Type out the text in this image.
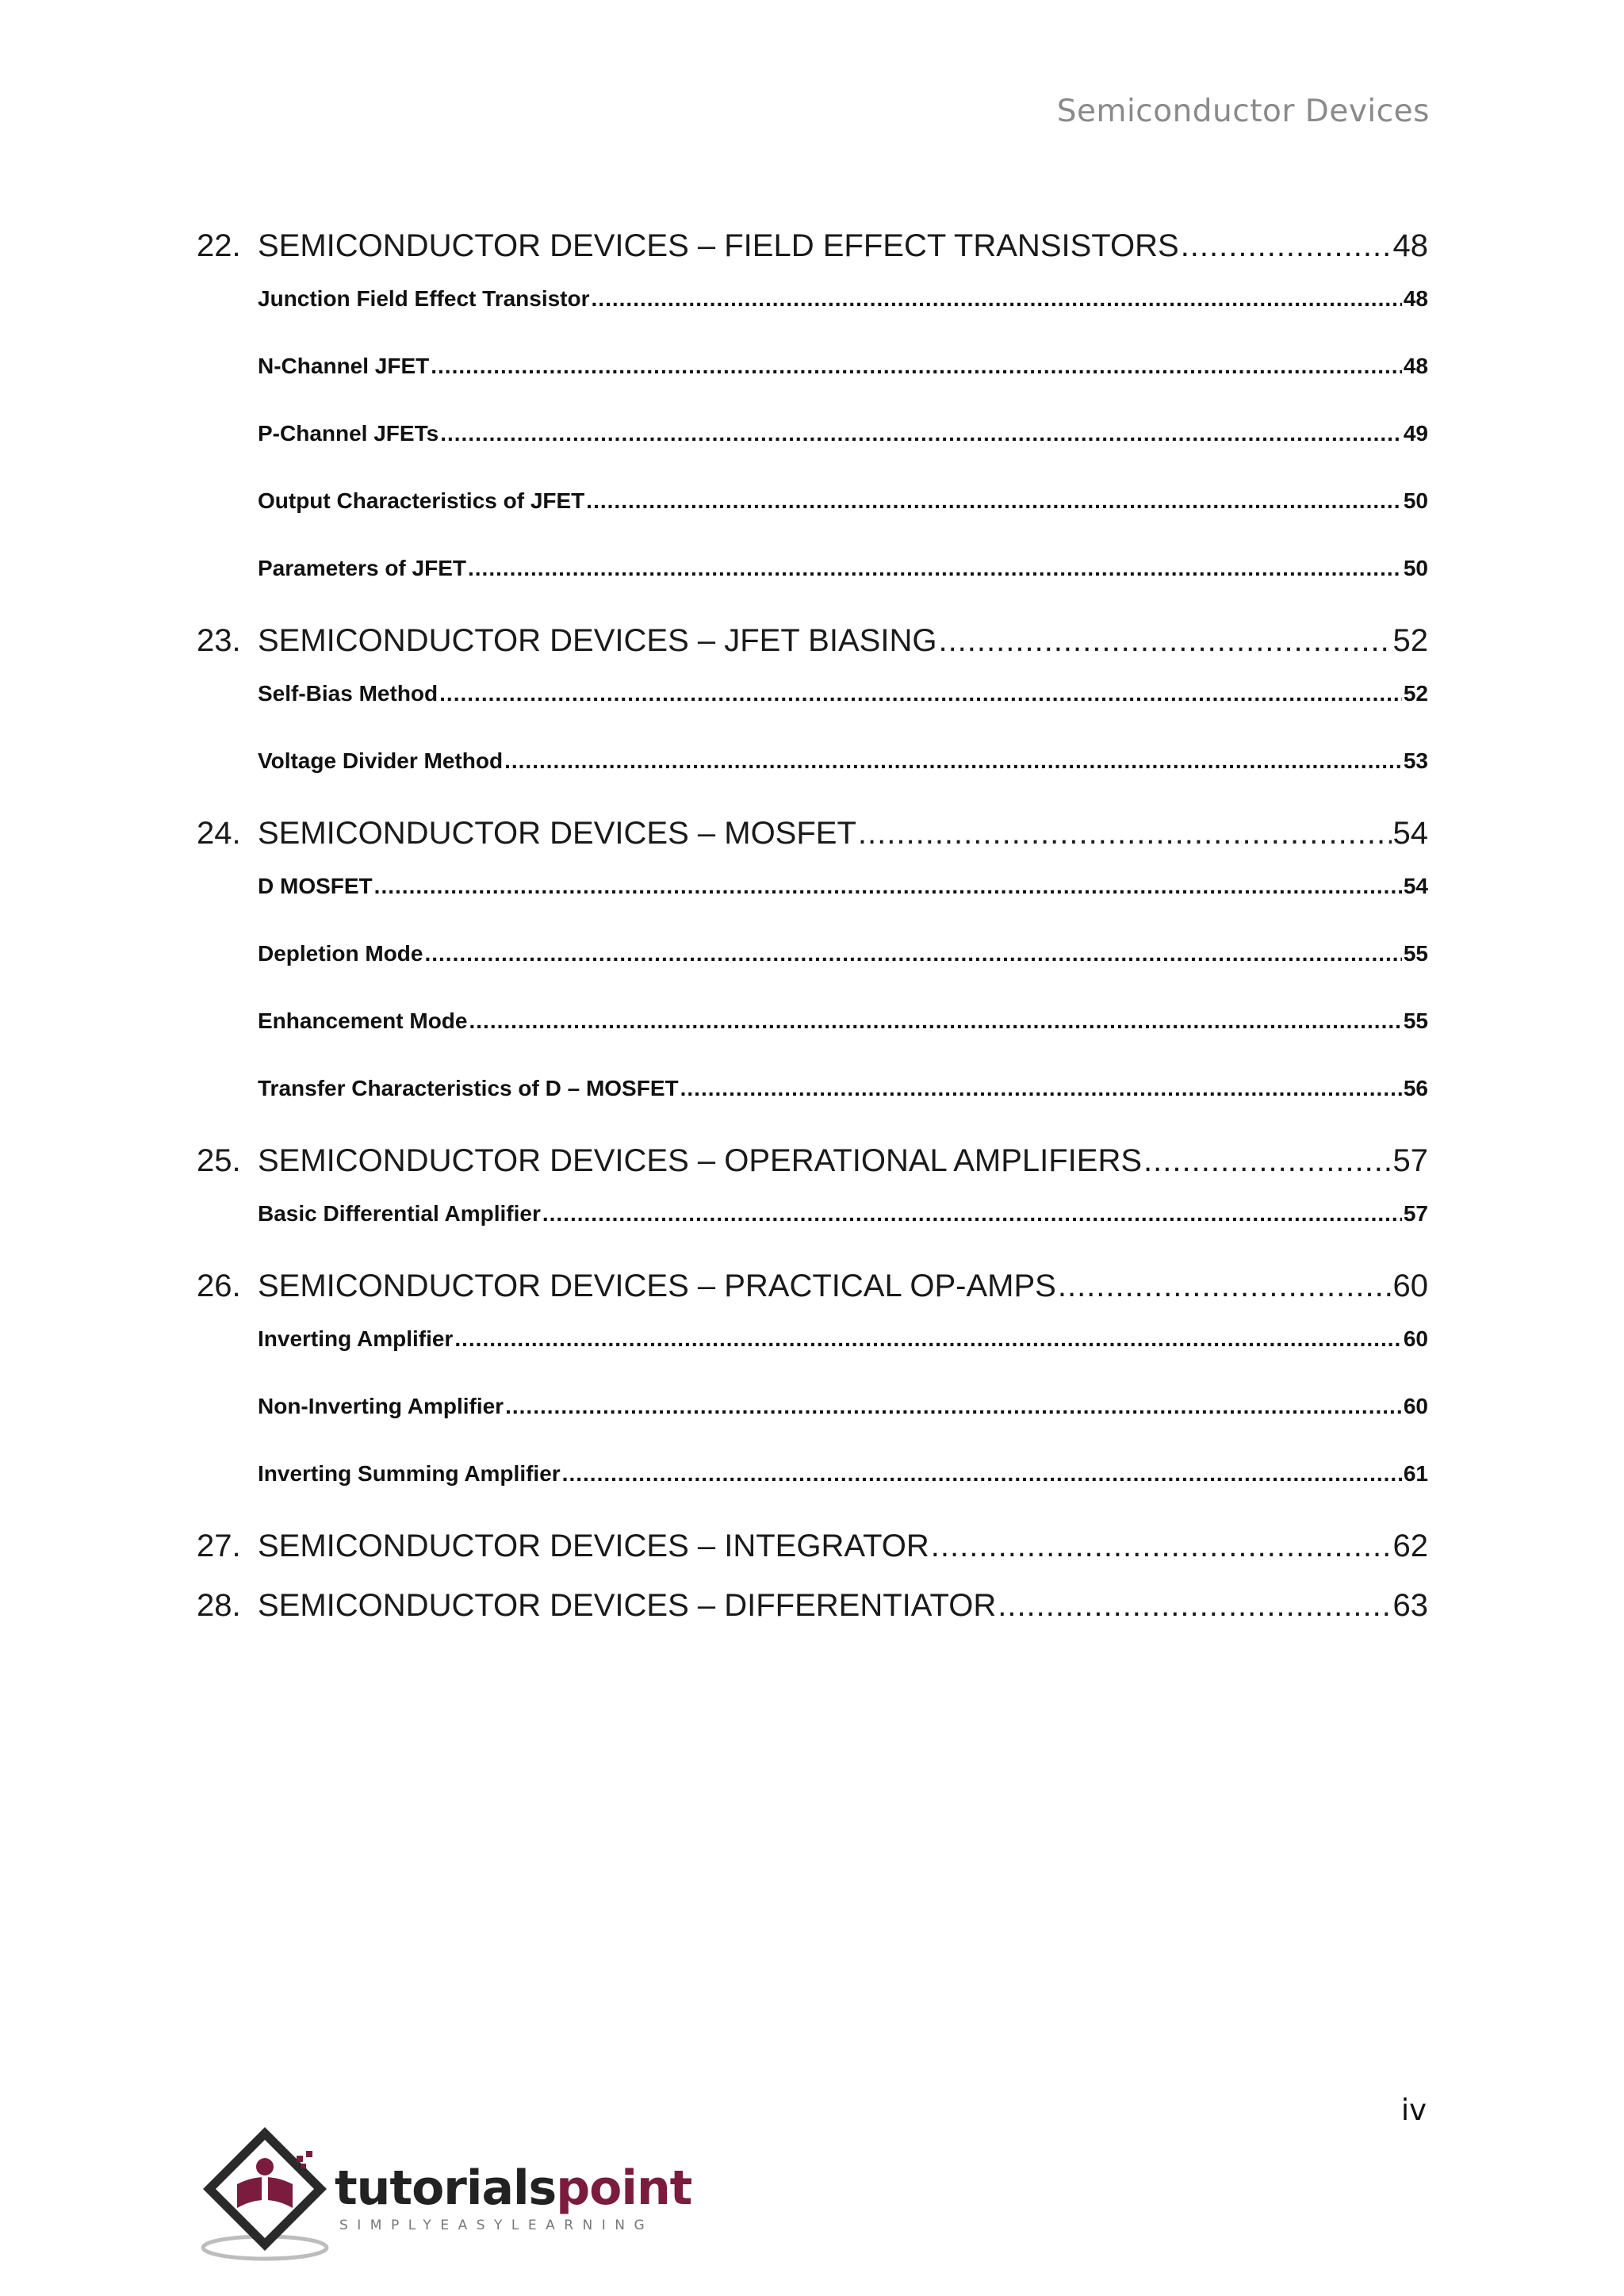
Semiconductor Devices
22. SEMICONDUCTOR DEVICES – FIELD EFFECT TRANSISTORS .....	48
Junction Field Effect Transistor .....	48
N-Channel JFET .....	48
P-Channel JFETs .....	49
Output Characteristics of JFET .....	50
Parameters of JFET .....	50
23. SEMICONDUCTOR DEVICES – JFET BIASING .....	52
Self-Bias Method .....	52
Voltage Divider Method .....	53
24. SEMICONDUCTOR DEVICES – MOSFET .....	54
D MOSFET .....	54
Depletion Mode .....	55
Enhancement Mode .....	55
Transfer Characteristics of D – MOSFET .....	56
25. SEMICONDUCTOR DEVICES – OPERATIONAL AMPLIFIERS .....	57
Basic Differential Amplifier .....	57
26. SEMICONDUCTOR DEVICES – PRACTICAL OP-AMPS .....	60
Inverting Amplifier .....	60
Non-Inverting Amplifier .....	60
Inverting Summing Amplifier .....	61
27. SEMICONDUCTOR DEVICES – INTEGRATOR .....	62
28. SEMICONDUCTOR DEVICES – DIFFERENTIATOR .....	63
iv
tutorialspoint
SIMPLYEASYLEARNING
